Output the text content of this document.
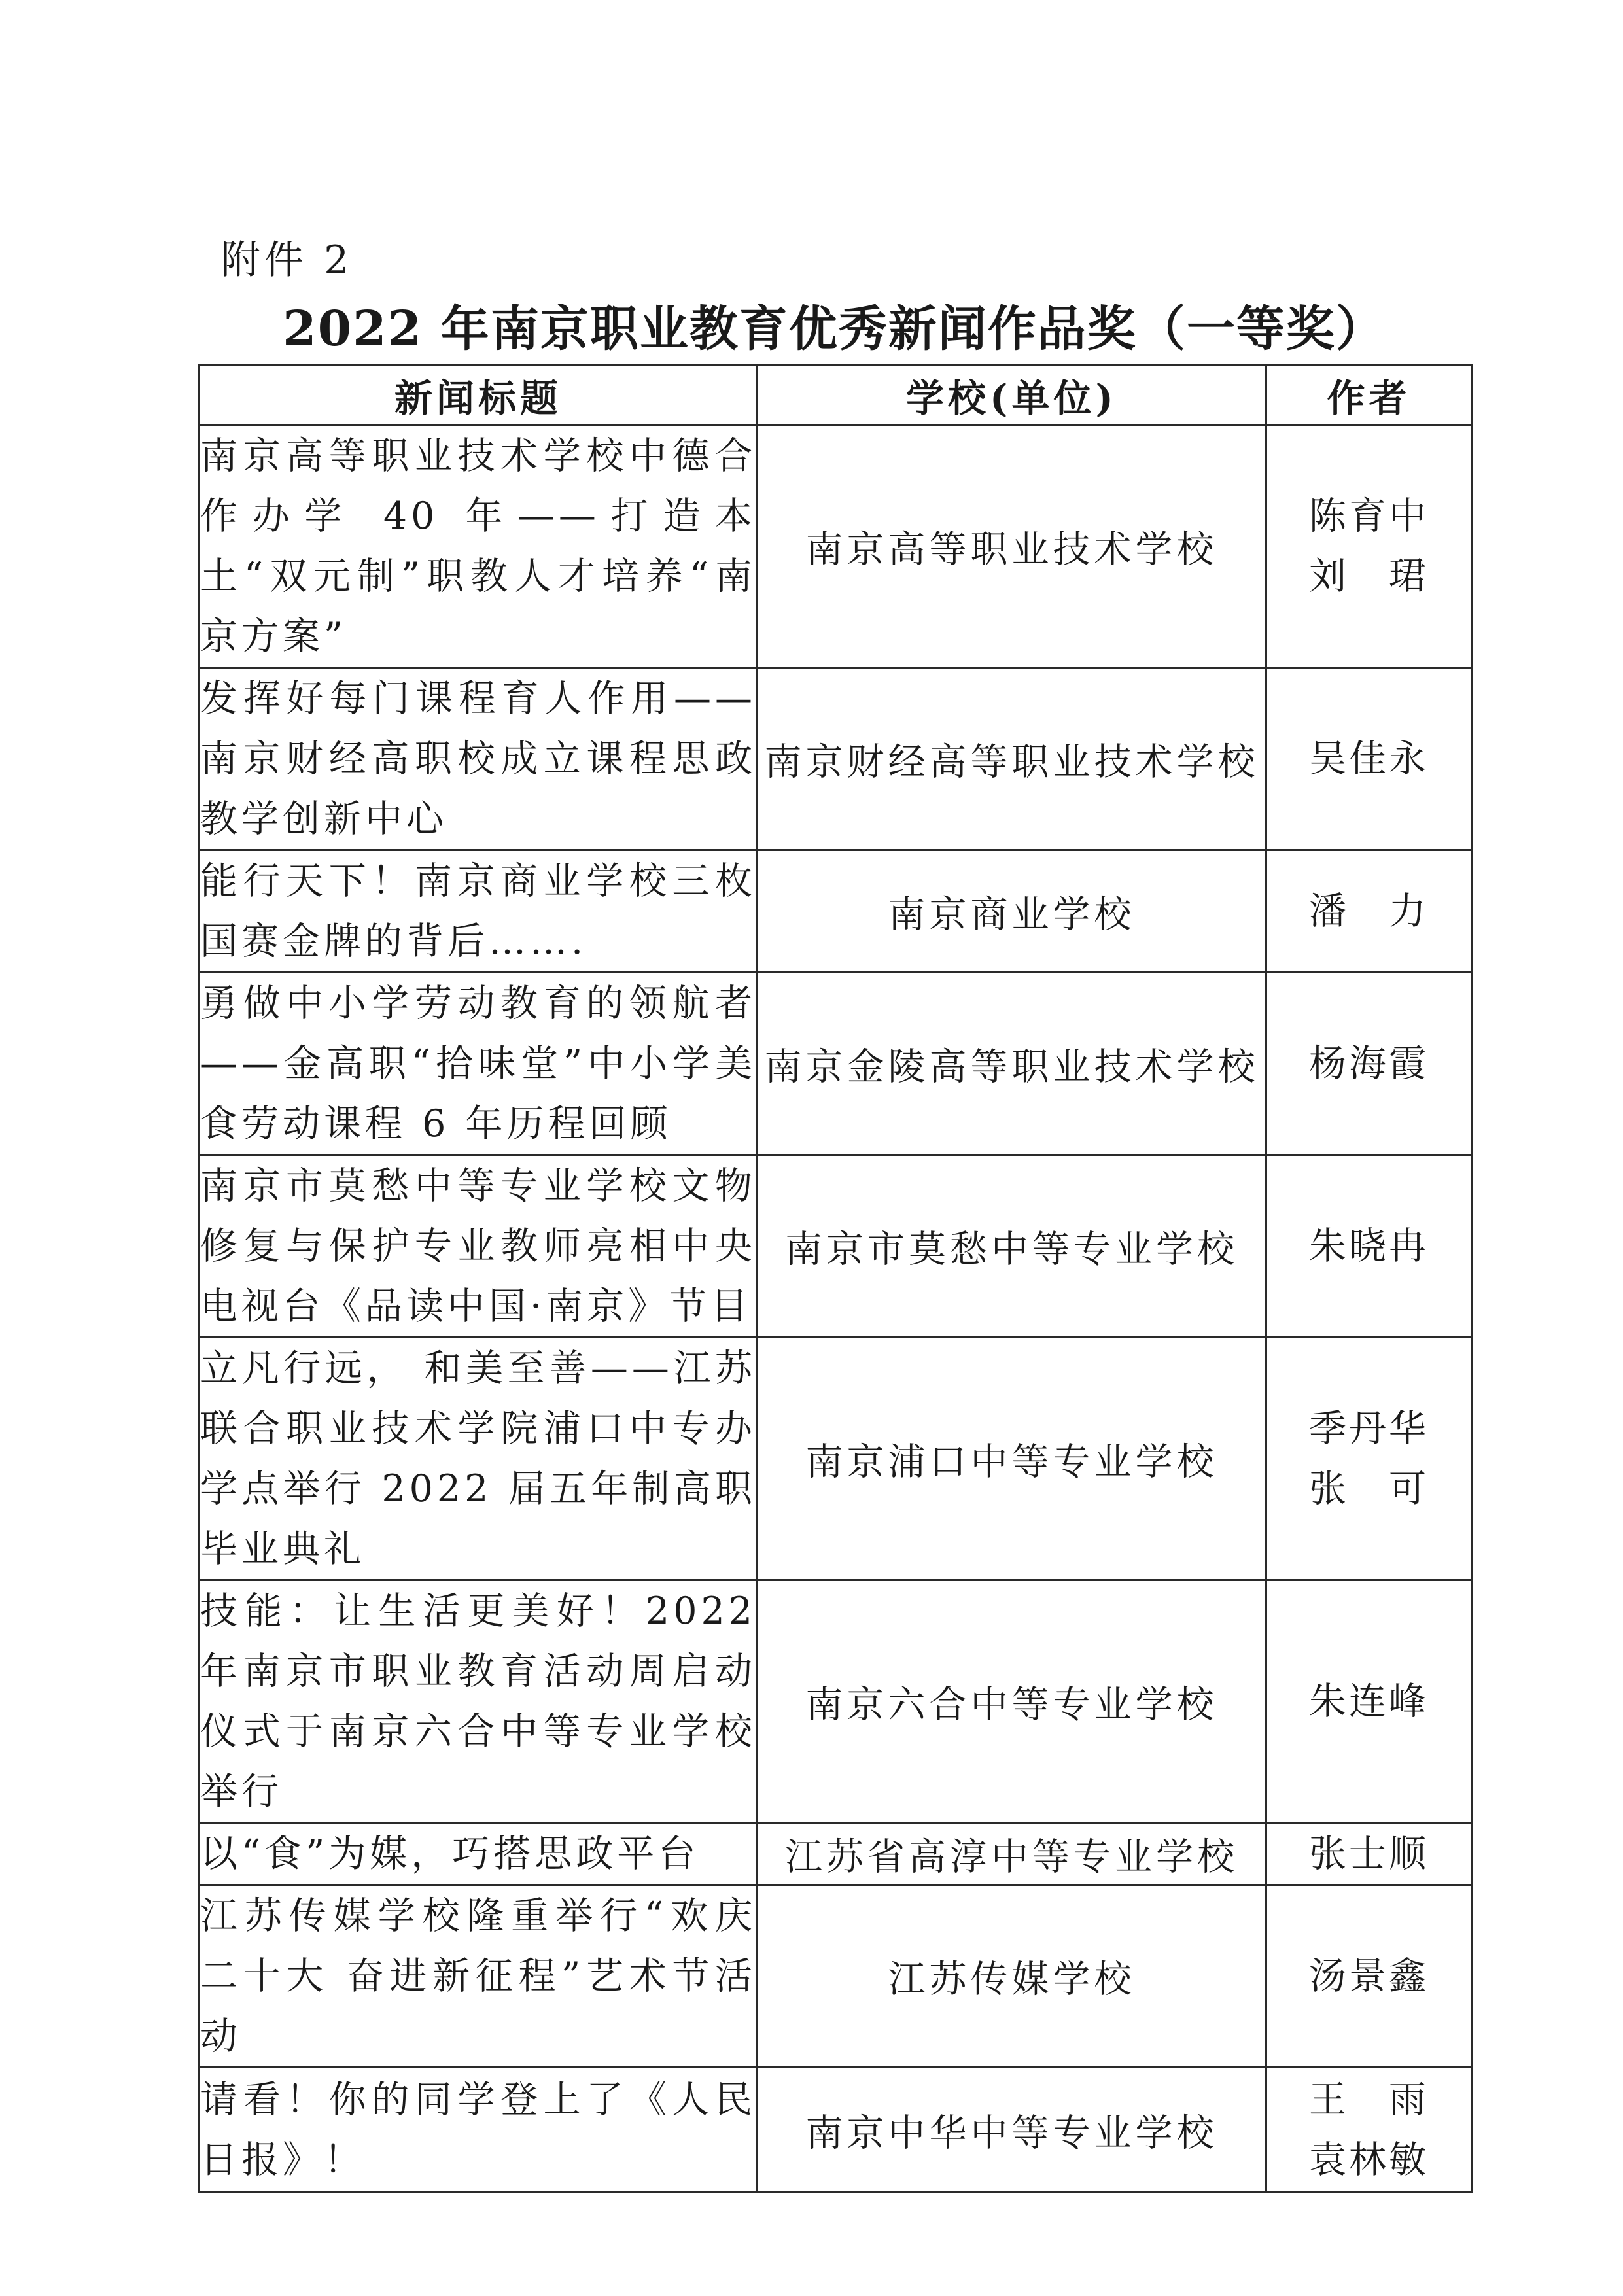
附件 2
2022 年南京职业教育优秀新闻作品奖（一等奖）
新闻标题	学校(单位)	作者
南京高等职业技术学校中德合作办学 40 年——打造本土“双元制”职教人才培养“南京方案”	南京高等职业技术学校	陈育中
刘　珺

发挥好每门课程育人作用——南京财经高职校成立课程思政教学创新中心	南京财经高等职业技术学校	吴佳永

能行天下！南京商业学校三枚国赛金牌的背后…….	南京商业学校	潘　力

勇做中小学劳动教育的领航者——金高职“拾味堂”中小学美食劳动课程 6 年历程回顾	南京金陵高等职业技术学校	杨海霞

南京市莫愁中等专业学校文物修复与保护专业教师亮相中央电视台《品读中国·南京》节目	南京市莫愁中等专业学校	朱晓冉

立凡行远， 和美至善——江苏联合职业技术学院浦口中专办学点举行 2022 届五年制高职毕业典礼	南京浦口中等专业学校	季丹华
张　可

技能：让生活更美好！2022 年南京市职业教育活动周启动仪式于南京六合中等专业学校举行	南京六合中等专业学校	朱连峰

以“食”为媒，巧搭思政平台	江苏省高淳中等专业学校	张士顺

江苏传媒学校隆重举行“欢庆二十大 奋进新征程”艺术节活动	江苏传媒学校	汤景鑫

请看！你的同学登上了《人民日报》！	南京中华中等专业学校	王　雨
袁林敏
